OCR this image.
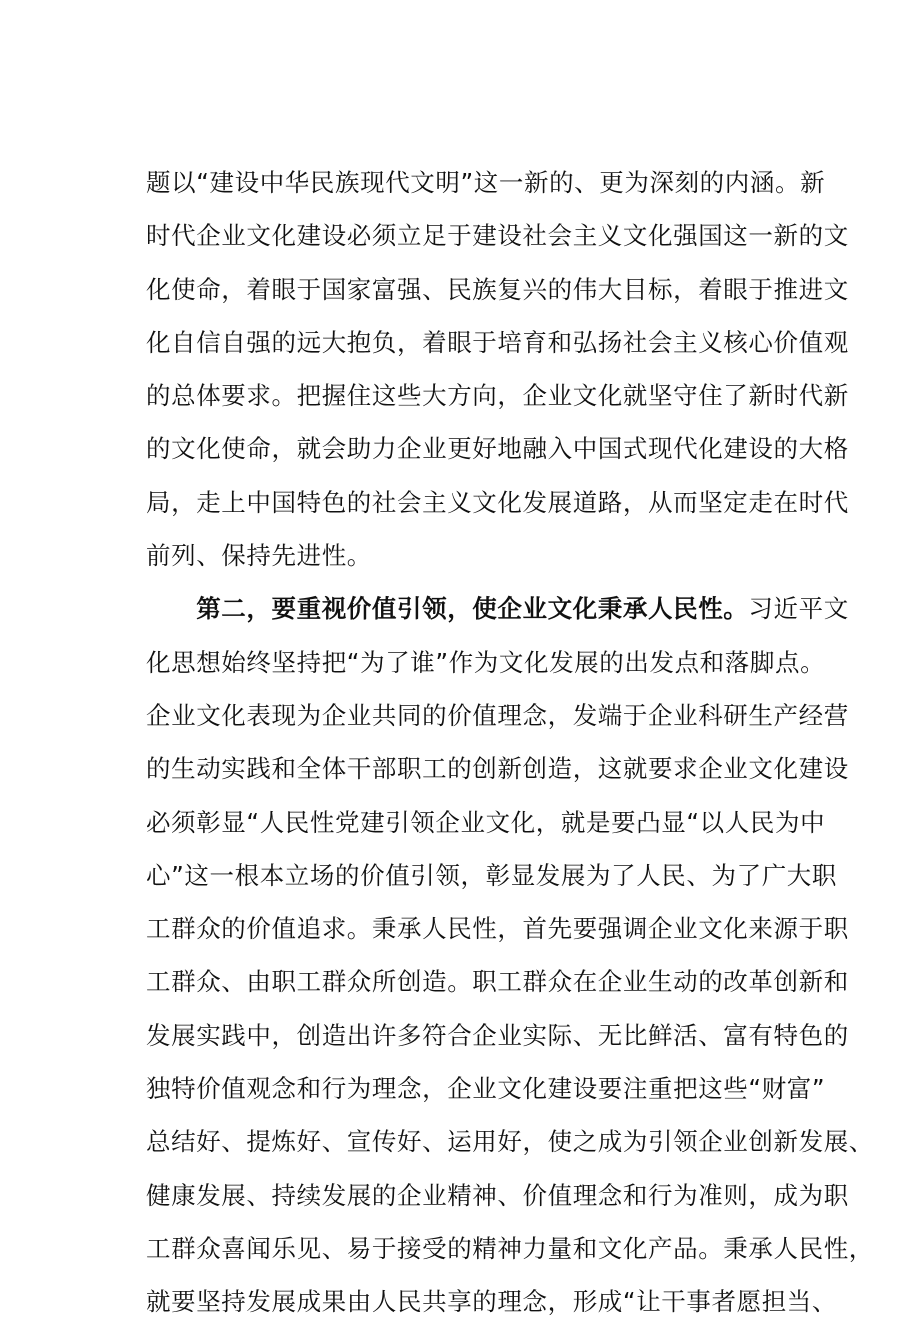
题以“建设中华民族现代文明”这一新的、更为深刻的内涵。新
时代企业文化建设必须立足于建设社会主义文化强国这一新的文
化使命，着眼于国家富强、民族复兴的伟大目标，着眼于推进文
化自信自强的远大抱负，着眼于培育和弘扬社会主义核心价值观
的总体要求。把握住这些大方向，企业文化就坚守住了新时代新
的文化使命，就会助力企业更好地融入中国式现代化建设的大格
局，走上中国特色的社会主义文化发展道路，从而坚定走在时代
前列、保持先进性。
　　第二，要重视价值引领，使企业文化秉承人民性。习近平文
化思想始终坚持把“为了谁”作为文化发展的出发点和落脚点。
企业文化表现为企业共同的价值理念，发端于企业科研生产经营
的生动实践和全体干部职工的创新创造，这就要求企业文化建设
必须彰显“人民性党建引领企业文化，就是要凸显“以人民为中
心”这一根本立场的价值引领，彰显发展为了人民、为了广大职
工群众的价值追求。秉承人民性，首先要强调企业文化来源于职
工群众、由职工群众所创造。职工群众在企业生动的改革创新和
发展实践中，创造出许多符合企业实际、无比鲜活、富有特色的
独特价值观念和行为理念，企业文化建设要注重把这些“财富”
总结好、提炼好、宣传好、运用好，使之成为引领企业创新发展、
健康发展、持续发展的企业精神、价值理念和行为准则，成为职
工群众喜闻乐见、易于接受的精神力量和文化产品。秉承人民性，
就要坚持发展成果由人民共享的理念，形成“让干事者愿担当、
